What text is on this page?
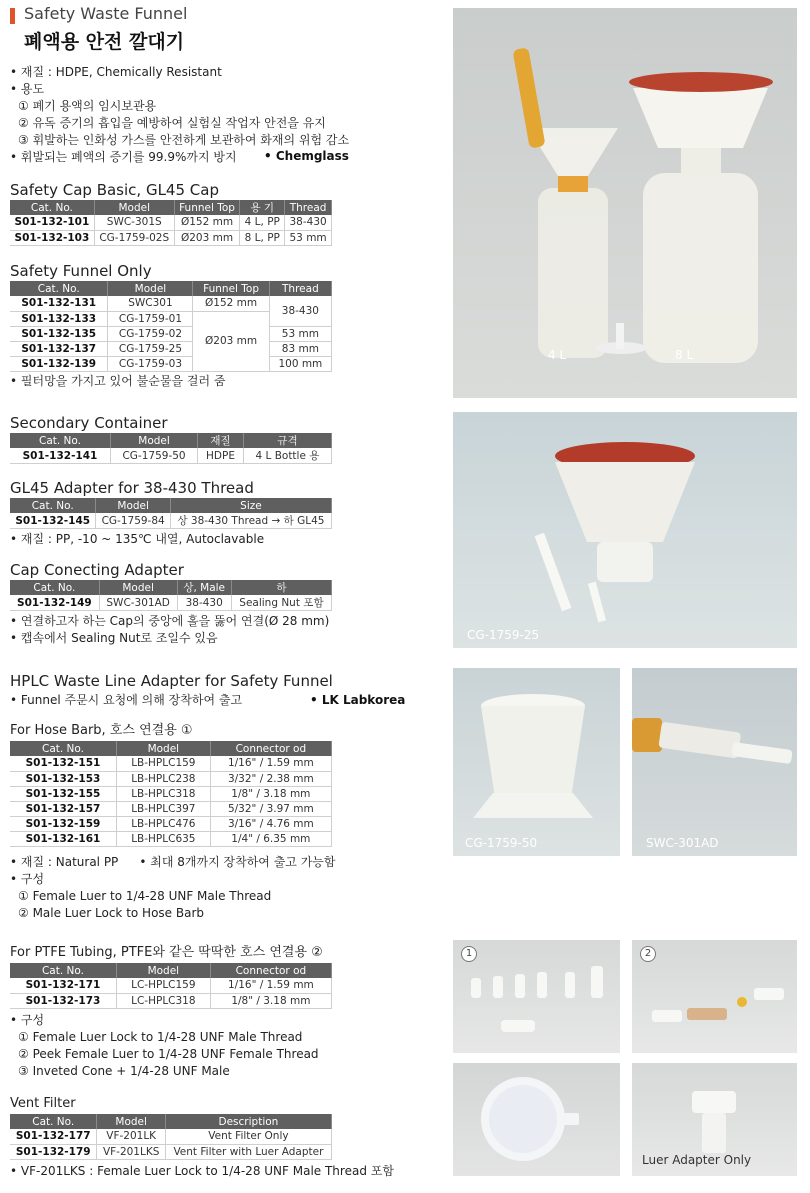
Safety Waste Funnel
폐액용 안전 깔대기
• 재질 : HDPE, Chemically Resistant
• 용도
① 폐기 용액의 임시보관용
② 유독 증기의 흡입을 예방하여 실험실 작업자 안전을 유지
③ 휘발하는 인화성 가스를 안전하게 보관하여 화재의 위험 감소
• 휘발되는 폐액의 증기를 99.9%까지 방지	• Chemglass
Safety Cap Basic, GL45 Cap
Cat. No.	Model	Funnel Top	용 기	Thread
S01-132-101	SWC-301S	Ø152 mm	4 L, PP	38-430
S01-132-103	CG-1759-02S	Ø203 mm	8 L, PP	53 mm
Safety Funnel Only
Cat. No.	Model	Funnel Top	Thread
S01-132-131	SWC301	Ø152 mm	38-430
S01-132-133	CG-1759-01	Ø203 mm	
S01-132-135	CG-1759-02		53 mm
S01-132-137	CG-1759-25		83 mm
S01-132-139	CG-1759-03		100 mm
• 필터망을 가지고 있어 불순물을 걸러 줌
Secondary Container
Cat. No.	Model	재질	규격
S01-132-141	CG-1759-50	HDPE	4 L Bottle 용
GL45 Adapter for 38-430 Thread
Cat. No.	Model	Size
S01-132-145	CG-1759-84	상 38-430 Thread → 하 GL45
• 재질 : PP, -10 ~ 135℃ 내열, Autoclavable
Cap Conecting Adapter
Cat. No.	Model	상, Male	하
S01-132-149	SWC-301AD	38-430	Sealing Nut 포함
• 연결하고자 하는 Cap의 중앙에 홀을 뚫어 연결(Ø 28 mm)
• 캡속에서 Sealing Nut로 조일수 있음
HPLC Waste Line Adapter for Safety Funnel
• Funnel 주문시 요청에 의해 장착하여 출고	• LK Labkorea
For Hose Barb, 호스 연결용 ①
Cat. No.	Model	Connector od
S01-132-151	LB-HPLC159	1/16" / 1.59 mm
S01-132-153	LB-HPLC238	3/32" / 2.38 mm
S01-132-155	LB-HPLC318	1/8" / 3.18 mm
S01-132-157	LB-HPLC397	5/32" / 3.97 mm
S01-132-159	LB-HPLC476	3/16" / 4.76 mm
S01-132-161	LB-HPLC635	1/4" / 6.35 mm
• 재질 : Natural PP • 최대 8개까지 장착하여 출고 가능함
• 구성
① Female Luer to 1/4-28 UNF Male Thread
② Male Luer Lock to Hose Barb
For PTFE Tubing, PTFE와 같은 딱딱한 호스 연결용 ②
Cat. No.	Model	Connector od
S01-132-171	LC-HPLC159	1/16" / 1.59 mm
S01-132-173	LC-HPLC318	1/8" / 3.18 mm
• 구성
① Female Luer Lock to 1/4-28 UNF Male Thread
② Peek Female Luer to 1/4-28 UNF Female Thread
③ Inveted Cone + 1/4-28 UNF Male
Vent Filter
Cat. No.	Model	Description
S01-132-177	VF-201LK	Vent Filter Only
S01-132-179	VF-201LKS	Vent Filter with Luer Adapter
• VF-201LKS : Female Luer Lock to 1/4-28 UNF Male Thread 포함
4 L	8 L
CG-1759-25
CG-1759-50	SWC-301AD
1	2
Luer Adapter Only
